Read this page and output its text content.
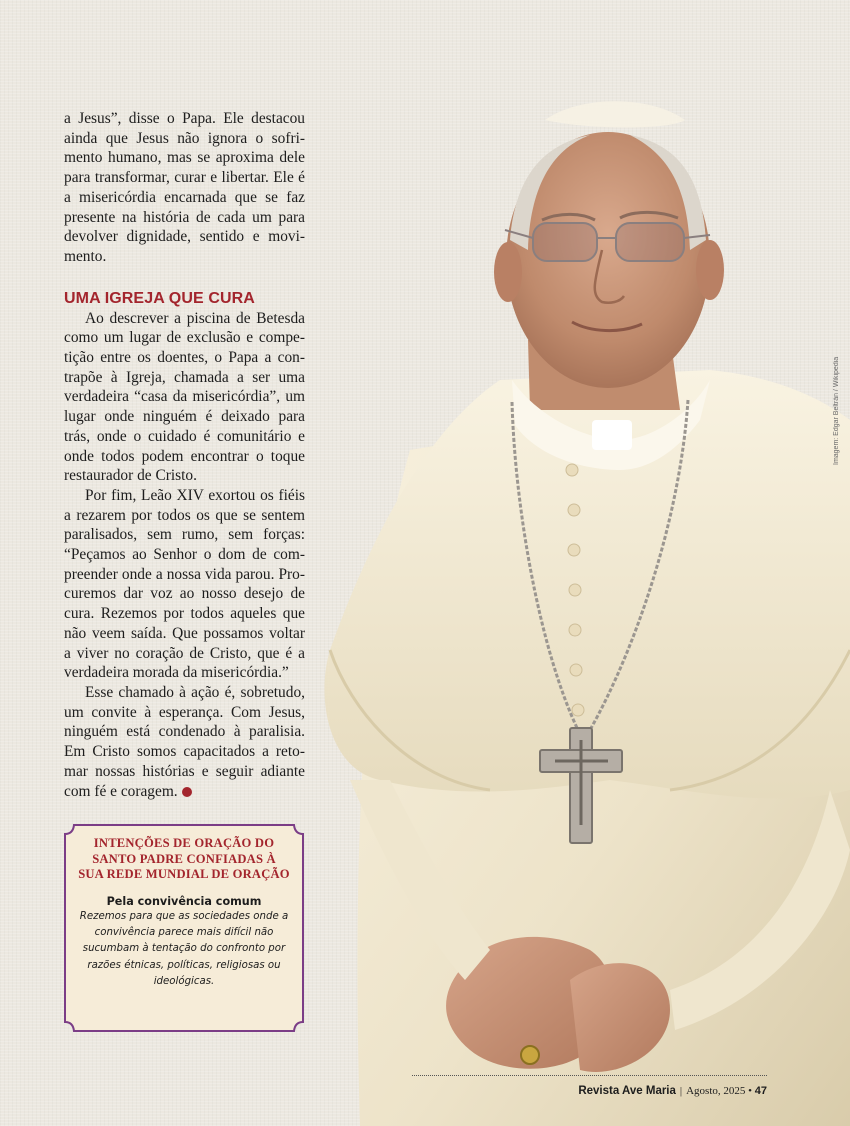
Imagem: Edgar Beltrán / Wikipedia

a Jesus”, disse o Papa. Ele destacou ainda que Jesus não ignora o sofrimento humano, mas se aproxima dele para transformar, curar e libertar. Ele é a misericórdia encarnada que se faz presente na história de cada um para devolver dignidade, sentido e movimento.

UMA IGREJA QUE CURA

Ao descrever a piscina de Betesda como um lugar de exclusão e competição entre os doentes, o Papa a contrapõe à Igreja, chamada a ser uma verdadeira “casa da misericórdia”, um lugar onde ninguém é deixado para trás, onde o cuidado é comunitário e onde todos podem encontrar o toque restaurador de Cristo.

Por fim, Leão XIV exortou os fiéis a rezarem por todos os que se sentem paralisados, sem rumo, sem forças: “Peçamos ao Senhor o dom de compreender onde a nossa vida parou. Procuremos dar voz ao nosso desejo de cura. Rezemos por todos aqueles que não veem saída. Que possamos voltar a viver no coração de Cristo, que é a verdadeira morada da misericórdia.”

Esse chamado à ação é, sobretudo, um convite à esperança. Com Jesus, ninguém está condenado à paralisia. Em Cristo somos capacitados a retomar nossas histórias e seguir adiante com fé e coragem.

INTENÇÕES DE ORAÇÃO DO SANTO PADRE CONFIADAS À SUA REDE MUNDIAL DE ORAÇÃO
Pela convivência comum
Rezemos para que as sociedades onde a convivência parece mais difícil não sucumbam à tentação do confronto por razões étnicas, políticas, religiosas ou ideológicas.
Revista Ave Maria | Agosto, 2025 • 47
